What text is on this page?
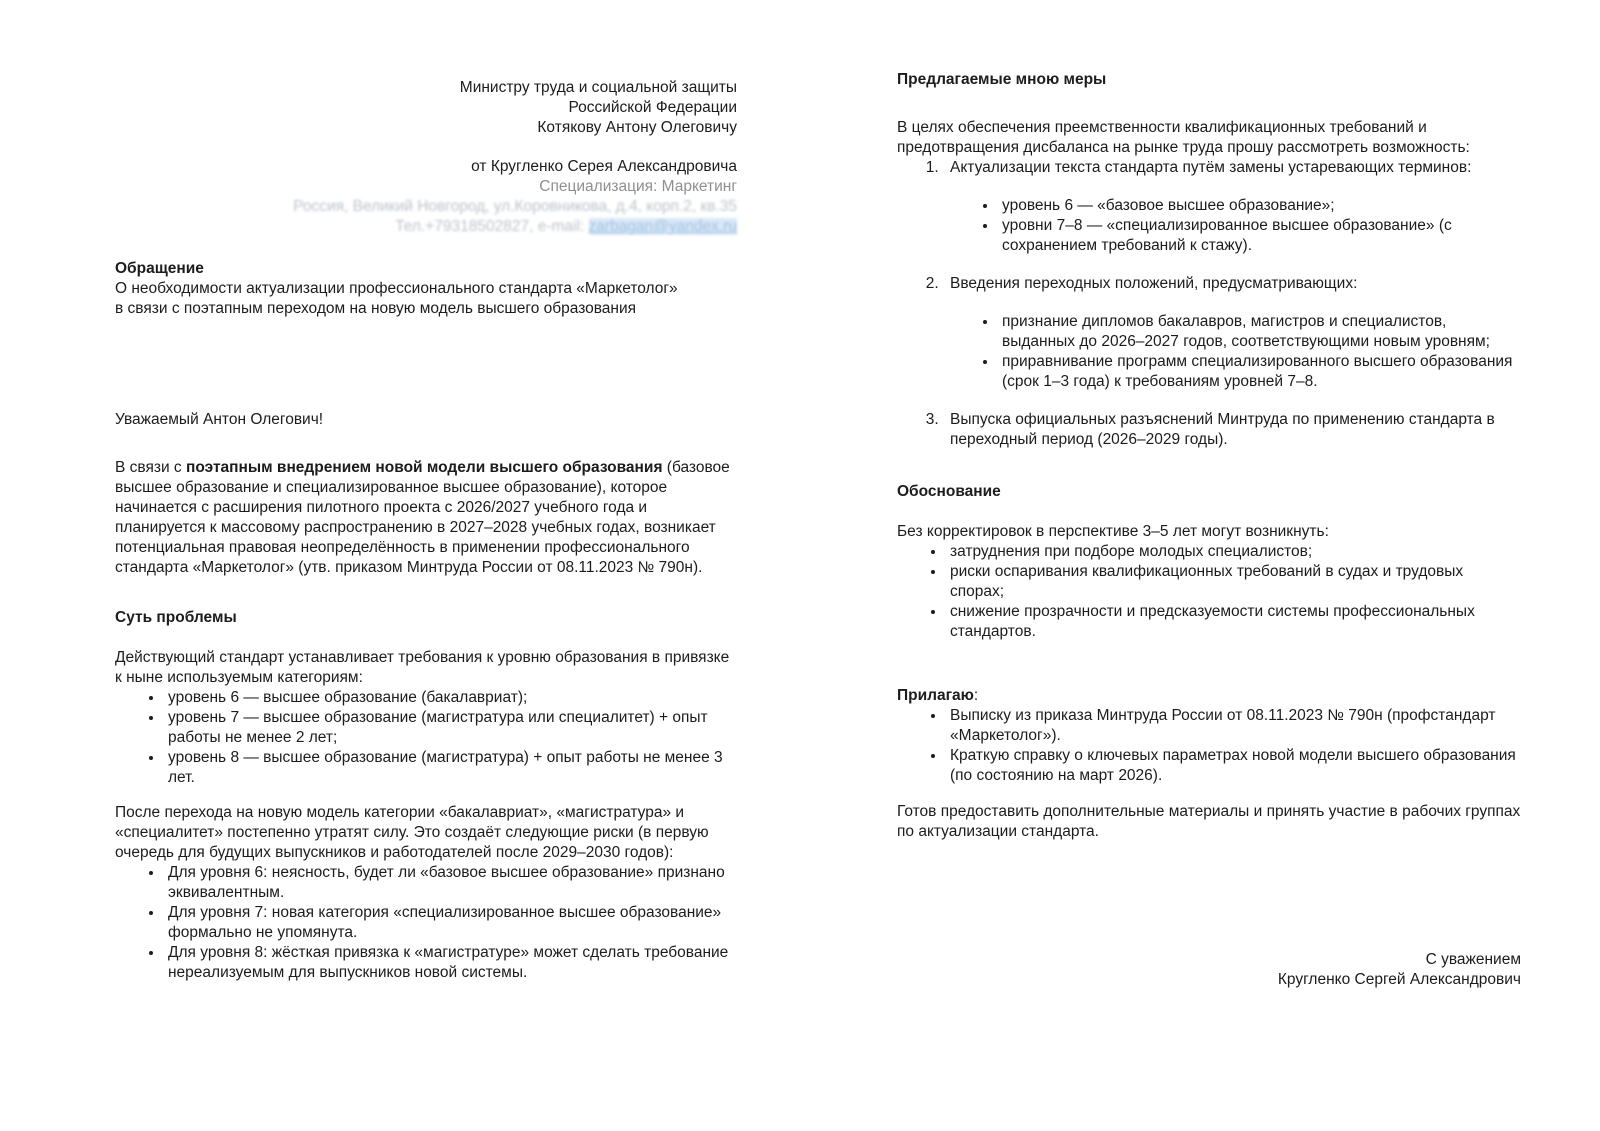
Министру труда и социальной защиты
Российской Федерации
Котякову Антону Олеговичу
от Кругленко Серея Александровича
Специализация: Маркетинг
Россия, Великий Новгород, ул.Коровникова, д.4, корп.2, кв.35
Тел.+79318502827, e-mail: zarbagan@yandex.ru
Обращение
О необходимости актуализации профессионального стандарта «Маркетолог»
в связи с поэтапным переходом на новую модель высшего образования

Уважаемый Антон Олегович!

В связи с поэтапным внедрением новой модели высшего образования (базовое высшее образование и специализированное высшее образование), которое начинается с расширения пилотного проекта с 2026/2027 учебного года и планируется к массовому распространению в 2027–2028 учебных годах, возникает потенциальная правовая неопределённость в применении профессионального стандарта «Маркетолог» (утв. приказом Минтруда России от 08.11.2023 № 790н).

Суть проблемы

Действующий стандарт устанавливает требования к уровню образования в привязке к ныне используемым категориям:

• уровень 6 — высшее образование (бакалавриат);
• уровень 7 — высшее образование (магистратура или специалитет) + опыт работы не менее 2 лет;
• уровень 8 — высшее образование (магистратура) + опыт работы не менее 3 лет.

После перехода на новую модель категории «бакалавриат», «магистратура» и «специалитет» постепенно утратят силу. Это создаёт следующие риски (в первую очередь для будущих выпускников и работодателей после 2029–2030 годов):

• Для уровня 6: неясность, будет ли «базовое высшее образование» признано эквивалентным.
• Для уровня 7: новая категория «специализированное высшее образование» формально не упомянута.
• Для уровня 8: жёсткая привязка к «магистратуре» может сделать требование нереализуемым для выпускников новой системы.
Предлагаемые мною меры

В целях обеспечения преемственности квалификационных требований и предотвращения дисбаланса на рынке труда прошу рассмотреть возможность:

1. Актуализации текста стандарта путём замены устаревающих терминов:
• уровень 6 — «базовое высшее образование»;
• уровни 7–8 — «специализированное высшее образование» (с сохранением требований к стажу).
2. Введения переходных положений, предусматривающих:
• признание дипломов бакалавров, магистров и специалистов, выданных до 2026–2027 годов, соответствующими новым уровням;
• приравнивание программ специализированного высшего образования (срок 1–3 года) к требованиям уровней 7–8.
3. Выпуска официальных разъяснений Минтруда по применению стандарта в переходный период (2026–2029 годы).
Обоснование

Без корректировок в перспективе 3–5 лет могут возникнуть:

• затруднения при подборе молодых специалистов;
• риски оспаривания квалификационных требований в судах и трудовых спорах;
• снижение прозрачности и предсказуемости системы профессиональных стандартов.
Прилагаю:
• Выписку из приказа Минтруда России от 08.11.2023 № 790н (профстандарт «Маркетолог»).
• Краткую справку о ключевых параметрах новой модели высшего образования (по состоянию на март 2026).

Готов предоставить дополнительные материалы и принять участие в рабочих группах по актуализации стандарта.

С уважением
Кругленко Сергей Александрович
